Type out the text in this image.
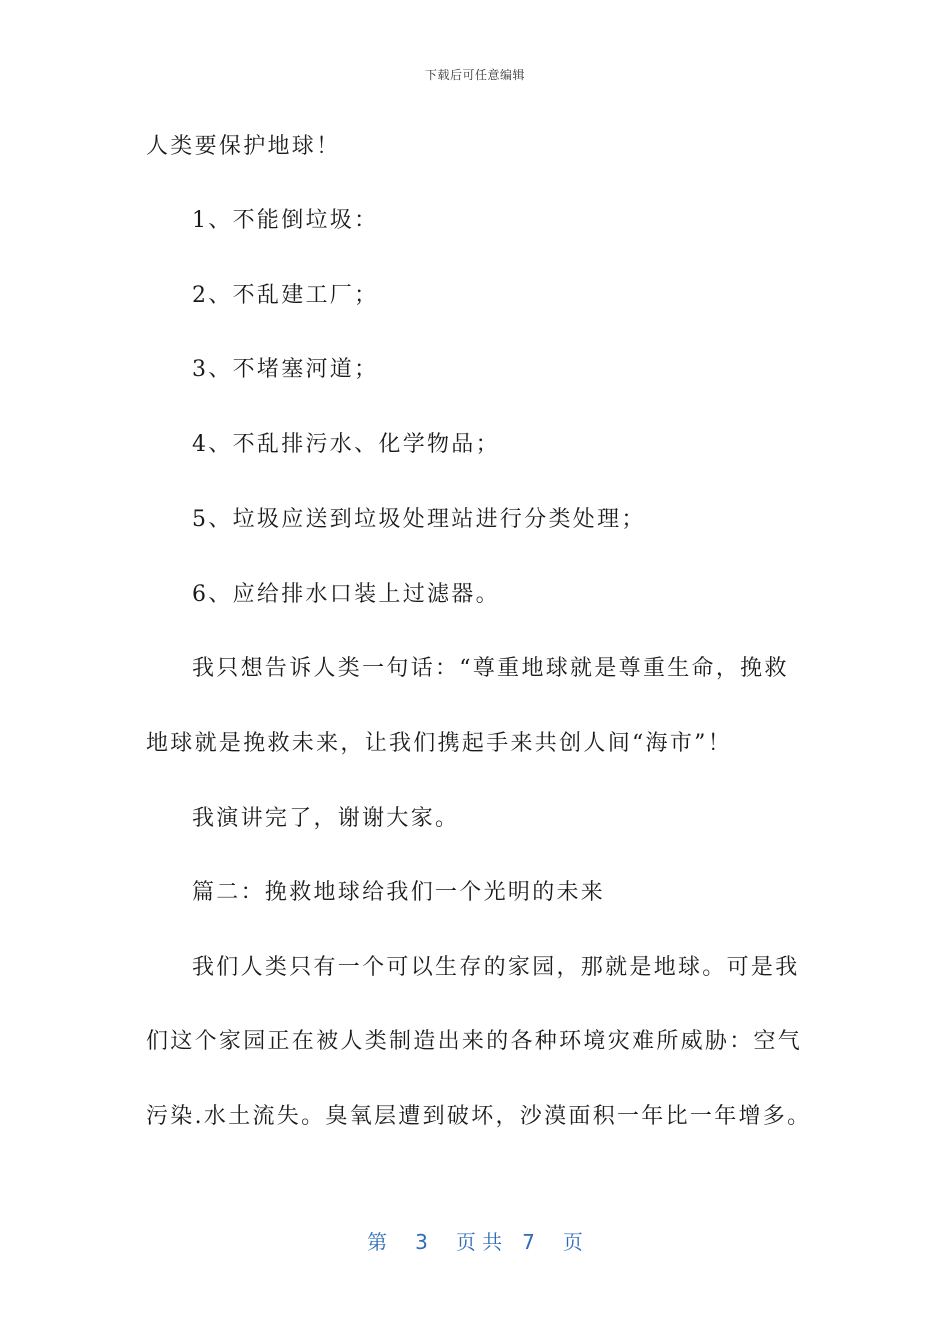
下载后可任意编辑
人类要保护地球！
1、不能倒垃圾：
2、不乱建工厂；
3、不堵塞河道；
4、不乱排污水、化学物品；
5、垃圾应送到垃圾处理站进行分类处理；
6、应给排水口装上过滤器。
我只想告诉人类一句话：“尊重地球就是尊重生命，挽救
地球就是挽救未来，让我们携起手来共创人间“海市”！
我演讲完了，谢谢大家。
篇二：挽救地球给我们一个光明的未来
我们人类只有一个可以生存的家园，那就是地球。可是我
们这个家园正在被人类制造出来的各种环境灾难所威胁：空气
污染.水土流失。臭氧层遭到破坏，沙漠面积一年比一年增多。
第 3 页 共 7 页
